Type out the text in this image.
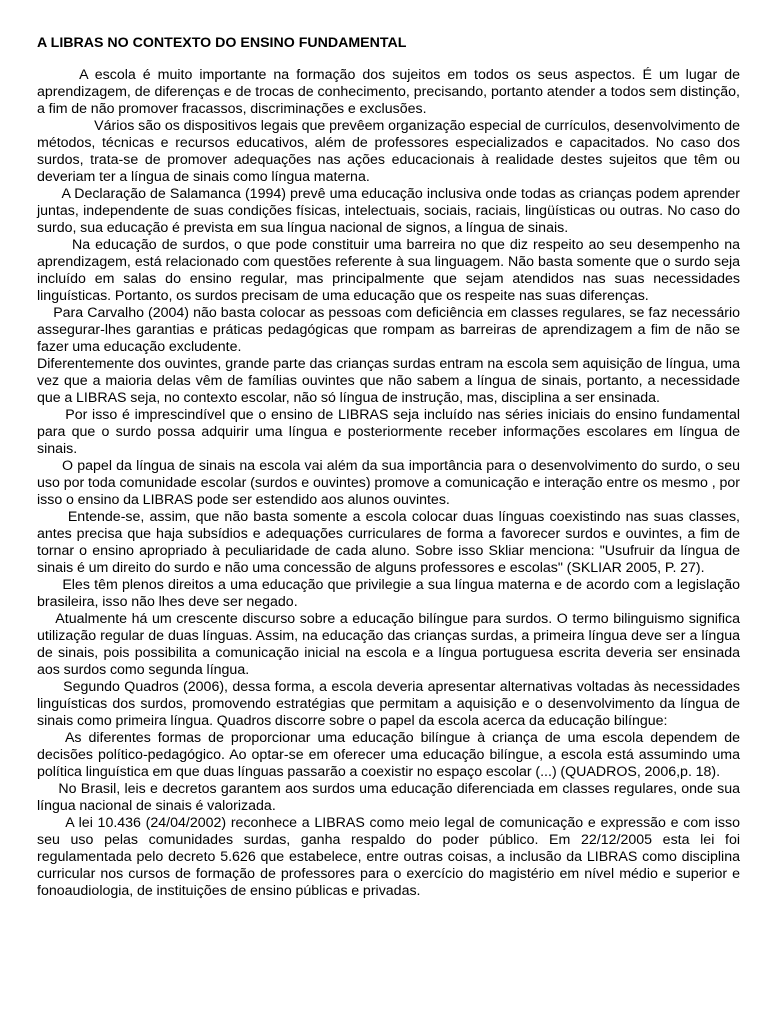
A LIBRAS NO CONTEXTO DO ENSINO FUNDAMENTAL

A escola é muito importante na formação dos sujeitos em todos os seus aspectos. É um lugar de aprendizagem, de diferenças e de trocas de conhecimento, precisando, portanto atender a todos sem distinção, a fim de não promover fracassos, discriminações e exclusões.

Vários são os dispositivos legais que prevêem organização especial de currículos, desenvolvimento de métodos, técnicas e recursos educativos, além de professores especializados e capacitados. No caso dos surdos, trata-se de promover adequações nas ações educacionais à realidade destes sujeitos que têm ou deveriam ter a língua de sinais como língua materna.

A Declaração de Salamanca (1994) prevê uma educação inclusiva onde todas as crianças podem aprender juntas, independente de suas condições físicas, intelectuais, sociais, raciais, lingüísticas ou outras. No caso do surdo, sua educação é prevista em sua língua nacional de signos, a língua de sinais.

Na educação de surdos, o que pode constituir uma barreira no que diz respeito ao seu desempenho na aprendizagem, está relacionado com questões referente à sua linguagem. Não basta somente que o surdo seja incluído em salas do ensino regular, mas principalmente que sejam atendidos nas suas necessidades linguísticas. Portanto, os surdos precisam de uma educação que os respeite nas suas diferenças.

Para Carvalho (2004) não basta colocar as pessoas com deficiência em classes regulares, se faz necessário assegurar-lhes garantias e práticas pedagógicas que rompam as barreiras de aprendizagem a fim de não se fazer uma educação excludente.

Diferentemente dos ouvintes, grande parte das crianças surdas entram na escola sem aquisição de língua, uma vez que a maioria delas vêm de famílias ouvintes que não sabem a língua de sinais, portanto, a necessidade que a LIBRAS seja, no contexto escolar, não só língua de instrução, mas, disciplina a ser ensinada.

Por isso é imprescindível que o ensino de LIBRAS seja incluído nas séries iniciais do ensino fundamental para que o surdo possa adquirir uma língua e posteriormente receber informações escolares em língua de sinais.

O papel da língua de sinais na escola vai além da sua importância para o desenvolvimento do surdo, o seu uso por toda comunidade escolar (surdos e ouvintes) promove a comunicação e interação entre os mesmo , por isso o ensino da LIBRAS pode ser estendido aos alunos ouvintes.

Entende-se, assim, que não basta somente a escola colocar duas línguas coexistindo nas suas classes, antes precisa que haja subsídios e adequações curriculares de forma a favorecer surdos e ouvintes, a fim de tornar o ensino apropriado à peculiaridade de cada aluno. Sobre isso Skliar menciona: "Usufruir da língua de sinais é um direito do surdo e não uma concessão de alguns professores e escolas" (SKLIAR 2005, P. 27).

Eles têm plenos direitos a uma educação que privilegie a sua língua materna e de acordo com a legislação brasileira, isso não lhes deve ser negado.

Atualmente há um crescente discurso sobre a educação bilíngue para surdos. O termo bilinguismo significa utilização regular de duas línguas. Assim, na educação das crianças surdas, a primeira língua deve ser a língua de sinais, pois possibilita a comunicação inicial na escola e a língua portuguesa escrita deveria ser ensinada aos surdos como segunda língua.

Segundo Quadros (2006), dessa forma, a escola deveria apresentar alternativas voltadas às necessidades linguísticas dos surdos, promovendo estratégias que permitam a aquisição e o desenvolvimento da língua de sinais como primeira língua. Quadros discorre sobre o papel da escola acerca da educação bilíngue:

As diferentes formas de proporcionar uma educação bilíngue à criança de uma escola dependem de decisões político-pedagógico. Ao optar-se em oferecer uma educação bilíngue, a escola está assumindo uma política linguística em que duas línguas passarão a coexistir no espaço escolar (...) (QUADROS, 2006,p. 18).

No Brasil, leis e decretos garantem aos surdos uma educação diferenciada em classes regulares, onde sua língua nacional de sinais é valorizada.

A lei 10.436 (24/04/2002) reconhece a LIBRAS como meio legal de comunicação e expressão e com isso seu uso pelas comunidades surdas, ganha respaldo do poder público. Em 22/12/2005 esta lei foi regulamentada pelo decreto 5.626 que estabelece, entre outras coisas, a inclusão da LIBRAS como disciplina curricular nos cursos de formação de professores para o exercício do magistério em nível médio e superior e fonoaudiologia, de instituições de ensino públicas e privadas.
